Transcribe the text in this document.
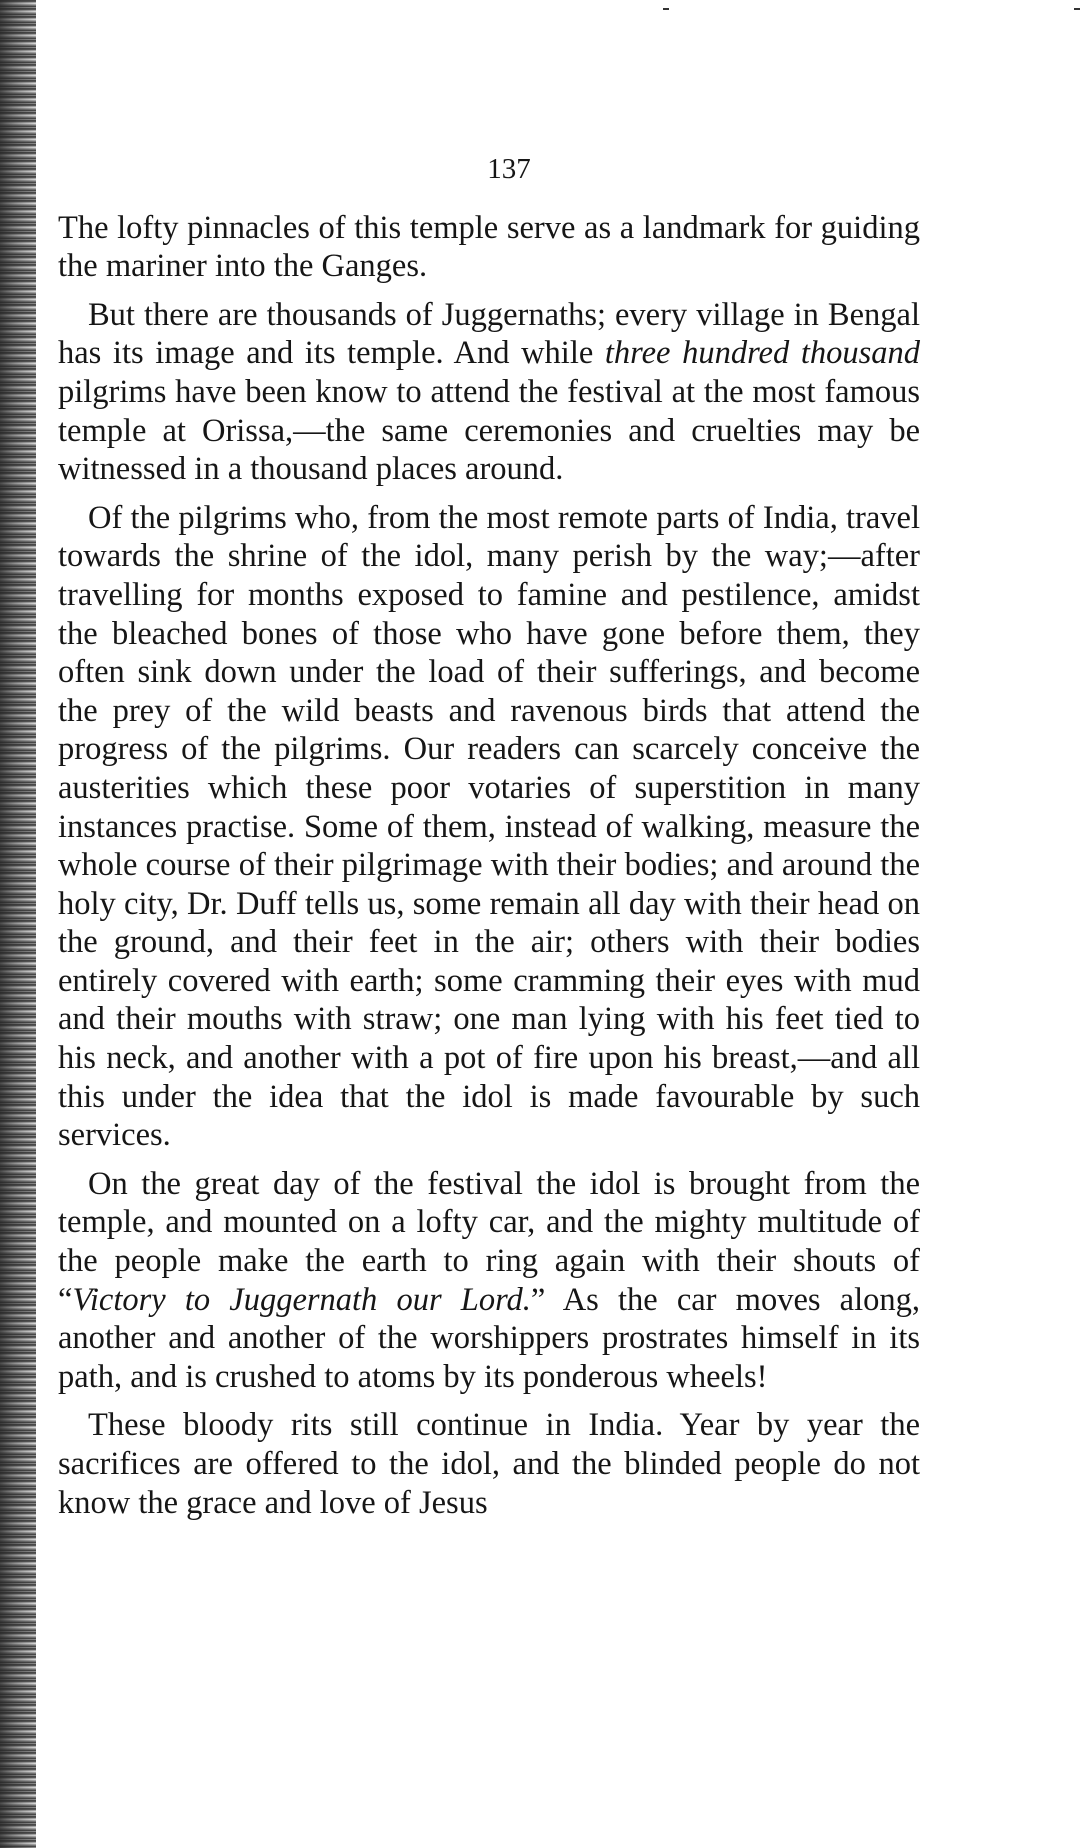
137

The lofty pinnacles of this temple serve as a landmark for guiding the mariner into the Ganges.

But there are thousands of Juggernaths; every village in Bengal has its image and its temple. And while three hundred thousand pilgrims have been know to attend the festival at the most famous temple at Orissa,—the same ceremonies and cruelties may be witnessed in a thousand places around.

Of the pilgrims who, from the most remote parts of India, travel towards the shrine of the idol, many perish by the way;—after travelling for months exposed to famine and pestilence, amidst the bleached bones of those who have gone before them, they often sink down under the load of their sufferings, and become the prey of the wild beasts and ravenous birds that attend the progress of the pilgrims. Our readers can scarcely conceive the austerities which these poor votaries of superstition in many instances practise. Some of them, instead of walking, measure the whole course of their pilgrimage with their bodies; and around the holy city, Dr. Duff tells us, some remain all day with their head on the ground, and their feet in the air; others with their bodies entirely covered with earth; some cramming their eyes with mud and their mouths with straw; one man lying with his feet tied to his neck, and another with a pot of fire upon his breast,—and all this under the idea that the idol is made favourable by such services.

On the great day of the festival the idol is brought from the temple, and mounted on a lofty car, and the mighty multitude of the people make the earth to ring again with their shouts of “Victory to Juggernath our Lord.” As the car moves along, another and another of the worshippers prostrates himself in its path, and is crushed to atoms by its ponderous wheels!

These bloody rits still continue in India. Year by year the sacrifices are offered to the idol, and the blinded people do not know the grace and love of Jesus
